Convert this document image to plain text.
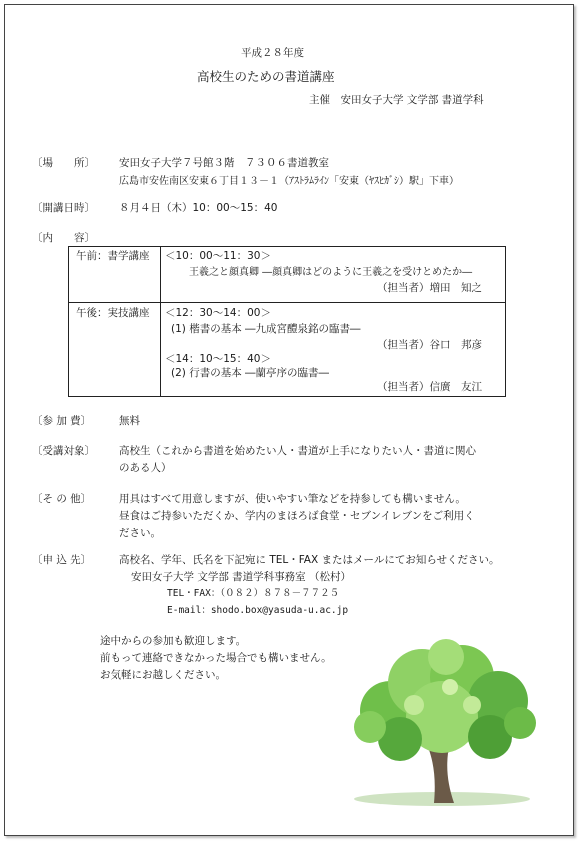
平成２８年度
高校生のための書道講座
主催　安田女子大学 文学部 書道学科
〔場　　所〕 安田女子大学７号館３階　７３０６書道教室
広島市安佐南区安東６丁目１３－１（ｱｽﾄﾗﾑﾗｲﾝ「安東（ﾔｽﾋｶﾞｼ）駅」下車）
〔開講日時〕 ８月４日（木）10：00～15：40
〔内　　容〕
午前：書学講座 ＜10：00～11：30＞
王羲之と顔真卿 ―顔真卿はどのように王羲之を受けとめたか―
（担当者）増田　知之
午後：実技講座 ＜12：30～14：00＞
(1) 楷書の基本 ―九成宮醴泉銘の臨書―
（担当者）谷口　邦彦
＜14：10～15：40＞
(2) 行書の基本 ―蘭亭序の臨書―
（担当者）信廣　友江
〔参 加 費〕	無料
〔受講対象〕 高校生（これから書道を始めたい人・書道が上手になりたい人・書道に関心
のある人）
〔そ の 他〕	用具はすべて用意しますが、使いやすい筆などを持参しても構いません。
昼食はご持参いただくか、学内のまほろば食堂・セブンイレブンをご利用く
ださい。
〔申 込 先〕	高校名、学年、氏名を下記宛に TEL・FAX またはメールにてお知らせください。
安田女子大学 文学部 書道学科事務室 （松村）
TEL・FAX：（０８２）８７８－７７２５
E-mail：shodo.box@yasuda-u.ac.jp
途中からの参加も歓迎します。
前もって連絡できなかった場合でも構いません。
お気軽にお越しください。
